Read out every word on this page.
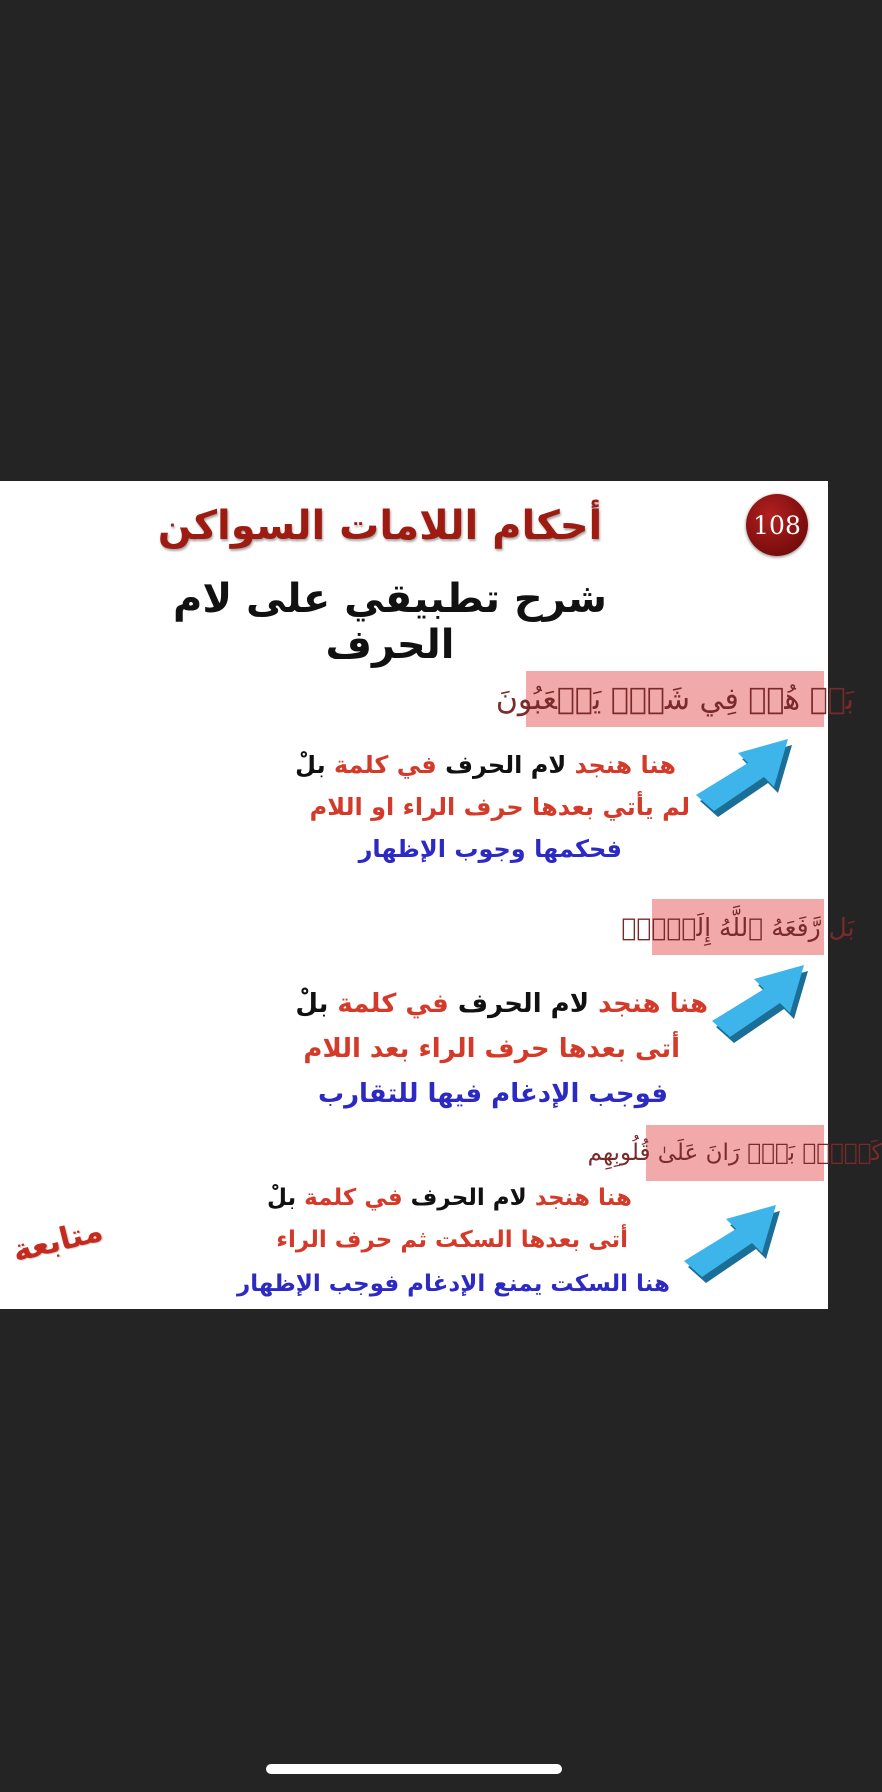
108
أحكام اللامات السواكن
شرح تطبيقي على لام الحرف
بَلۡ هُمۡ فِي شَكّٖ يَلۡعَبُونَ
هنا هنجد لام الحرف في كلمة بلْ
لم يأتي بعدها حرف الراء او اللام
فحكمها وجوب الإظهار
بَل رَّفَعَهُ ٱللَّهُ إِلَيۡهِۚ
هنا هنجد لام الحرف في كلمة بلْ
أتى بعدها حرف الراء بعد اللام
فوجب الإدغام فيها للتقارب
كَلَّاۖ بَلۡۜ رَانَ عَلَىٰ قُلُوبِهِم
هنا هنجد لام الحرف في كلمة بلْ
أتى بعدها السكت ثم حرف الراء
هنا السكت يمنع الإدغام فوجب الإظهار
متابعة
